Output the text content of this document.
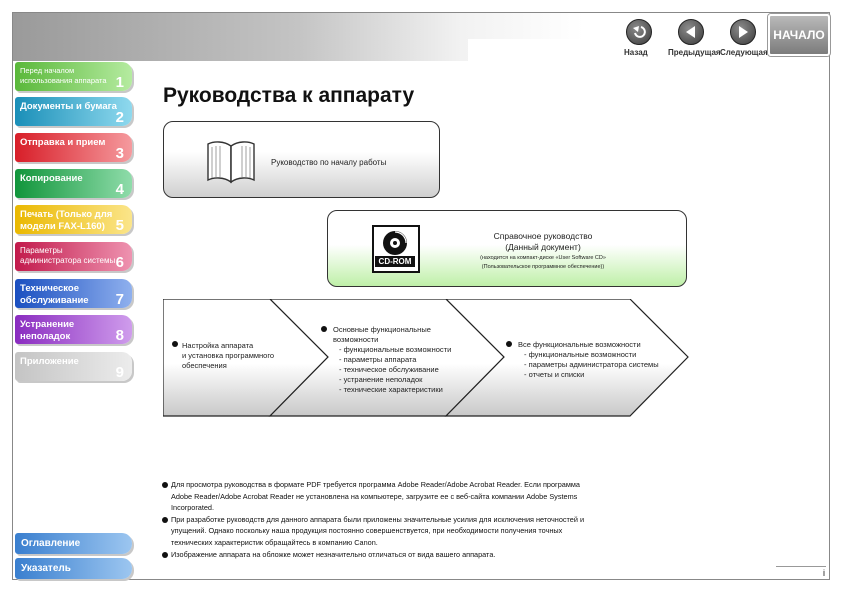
Назад	Предыдущая Следующая
НАЧАЛО
Перед началом использования аппарата 1
Документы и бумага
2
Отправка и прием
3
Копирование
4
Печать (Только для модели FAX-L160) 5
Параметры администратора системы 6
Техническое обслуживание	7
Устранение неполадок	8
Приложение
9
Оглавление
Указатель
Руководства к аппарату
Руководство по началу работы
CD-ROM
Справочное руководство
(Данный документ)
(находится на компакт-диске «User Software CD»
(Пользовательское программное обеспечение))
Настройка аппарата
и установка программного
обеспечения
Основные функциональные
возможности
- функциональные возможности
- параметры аппарата
- техническое обслуживание
- устранение неполадок
- технические характеристики
Все функциональные возможности
- функциональные возможности
- параметры администратора системы
- отчеты и списки

Для просмотра руководства в формате PDF требуется программа Adobe Reader/Adobe Acrobat Reader. Если программа Adobe Reader/Adobe Acrobat Reader не установлена на компьютере, загрузите ее с веб-сайта компании Adobe Systems Incorporated.

При разработке руководств для данного аппарата были приложены значительные усилия для исключения неточностей и упущений. Однако поскольку наша продукция постоянно совершенствуется, при необходимости получения точных технических характеристик обращайтесь в компанию Canon.

Изображение аппарата на обложке может незначительно отличаться от вида вашего аппарата.

i
